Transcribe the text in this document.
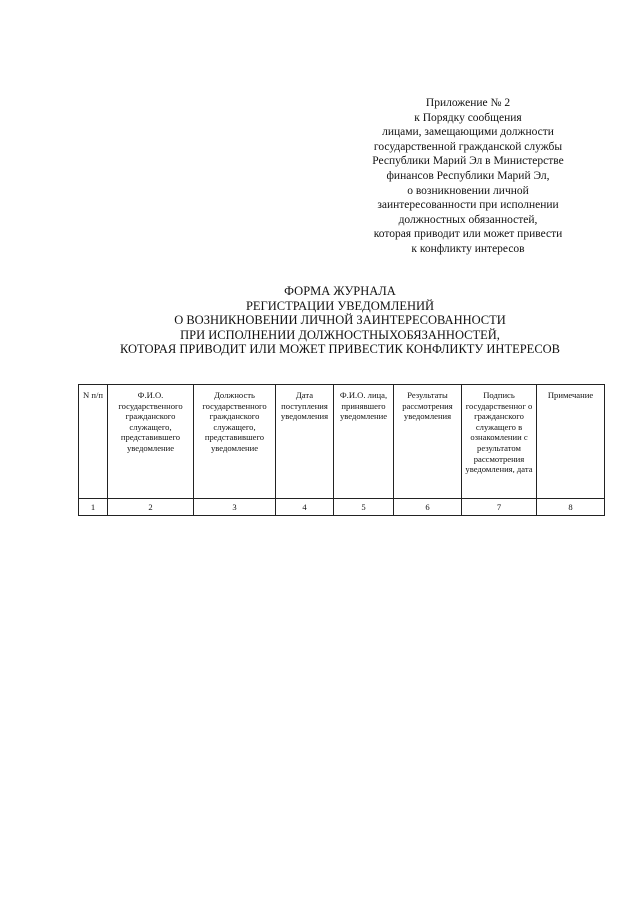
Приложение № 2
к Порядку сообщения
лицами, замещающими должности
государственной гражданской службы
Республики Марий Эл в Министерстве
финансов Республики Марий Эл,
о возникновении личной
заинтересованности при исполнении
должностных обязанностей,
которая приводит или может привести
к конфликту интересов
ФОРМА ЖУРНАЛА
РЕГИСТРАЦИИ УВЕДОМЛЕНИЙ
О ВОЗНИКНОВЕНИИ ЛИЧНОЙ ЗАИНТЕРЕСОВАННОСТИ
ПРИ ИСПОЛНЕНИИ ДОЛЖНОСТНЫХОБЯЗАННОСТЕЙ,
КОТОРАЯ ПРИВОДИТ ИЛИ МОЖЕТ ПРИВЕСТИК КОНФЛИКТУ ИНТЕРЕСОВ
N п/п	Ф.И.О. государственного гражданского служащего, представившего уведомление	Должность государственного гражданского служащего, представившего уведомление	Дата поступления уведомления	Ф.И.О. лица, принявшего уведомление	Результаты рассмотрения уведомления	Подпись государственног о гражданского служащего в ознакомлении с результатом рассмотрения уведомления, дата	Примечание
1	2	3	4	5	6	7	8
